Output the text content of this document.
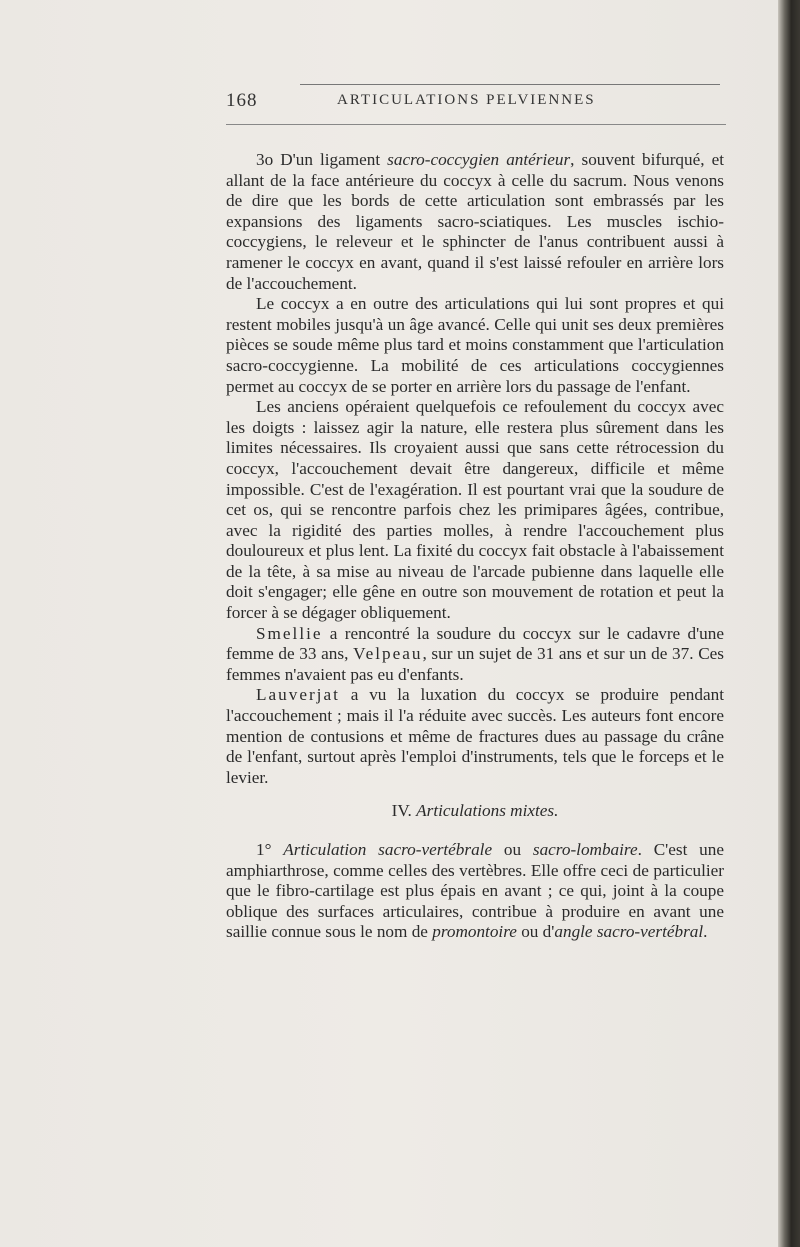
168	ARTICULATIONS PELVIENNES

3o D'un ligament sacro-coccygien antérieur, souvent bifurqué, et allant de la face antérieure du coccyx à celle du sacrum. Nous venons de dire que les bords de cette articulation sont embrassés par les expansions des ligaments sacro-sciatiques. Les muscles ischio-coccygiens, le releveur et le sphincter de l'anus contribuent aussi à ramener le coccyx en avant, quand il s'est laissé refouler en arrière lors de l'accouchement.

Le coccyx a en outre des articulations qui lui sont propres et qui restent mobiles jusqu'à un âge avancé. Celle qui unit ses deux premières pièces se soude même plus tard et moins constamment que l'articulation sacro-coccygienne. La mobilité de ces articulations coccygiennes permet au coccyx de se porter en arrière lors du passage de l'enfant.

Les anciens opéraient quelquefois ce refoulement du coccyx avec les doigts : laissez agir la nature, elle restera plus sûrement dans les limites nécessaires. Ils croyaient aussi que sans cette rétrocession du coccyx, l'accouchement devait être dangereux, difficile et même impossible. C'est de l'exagération. Il est pourtant vrai que la soudure de cet os, qui se rencontre parfois chez les primipares âgées, contribue, avec la rigidité des parties molles, à rendre l'accouchement plus douloureux et plus lent. La fixité du coccyx fait obstacle à l'abaissement de la tête, à sa mise au niveau de l'arcade pubienne dans laquelle elle doit s'engager; elle gêne en outre son mouvement de rotation et peut la forcer à se dégager obliquement.

Smellie a rencontré la soudure du coccyx sur le cadavre d'une femme de 33 ans, Velpeau, sur un sujet de 31 ans et sur un de 37. Ces femmes n'avaient pas eu d'enfants.

Lauverjat a vu la luxation du coccyx se produire pendant l'accouchement ; mais il l'a réduite avec succès. Les auteurs font encore mention de contusions et même de fractures dues au passage du crâne de l'enfant, surtout après l'emploi d'instruments, tels que le forceps et le levier.

IV. Articulations mixtes.

1° Articulation sacro-vertébrale ou sacro-lombaire. C'est une amphiarthrose, comme celles des vertèbres. Elle offre ceci de particulier que le fibro-cartilage est plus épais en avant ; ce qui, joint à la coupe oblique des surfaces articulaires, contribue à produire en avant une saillie connue sous le nom de promontoire ou d'angle sacro-vertébral.
